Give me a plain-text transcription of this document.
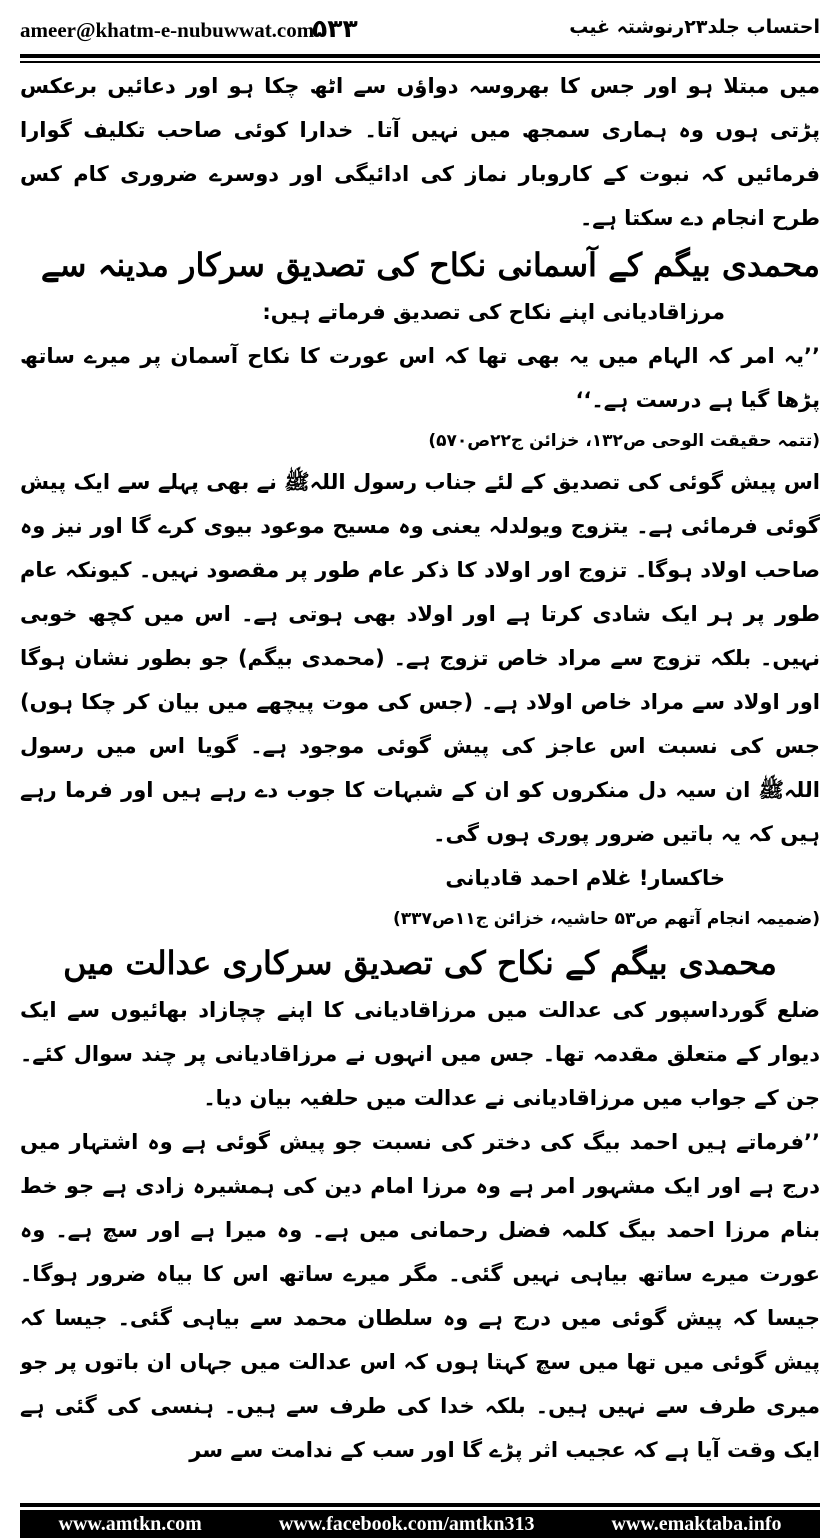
ameer@khatm-e-nubuwwat.com
۵۳۳	احتساب جلد۲۳رنوشتہ غیب

میں مبتلا ہو اور جس کا بھروسہ دواؤں سے اٹھ چکا ہو اور دعائیں برعکس پڑتی ہوں وہ ہماری سمجھ میں نہیں آتا۔ خدارا کوئی صاحب تکلیف گوارا فرمائیں کہ نبوت کے کاروبار نماز کی ادائیگی اور دوسرے ضروری کام کس طرح انجام دے سکتا ہے۔

محمدی بیگم کے آسمانی نکاح کی تصدیق سرکار مدینہ سے

مرزاقادیانی اپنے نکاح کی تصدیق فرماتے ہیں:

’’یہ امر کہ الہام میں یہ بھی تھا کہ اس عورت کا نکاح آسمان پر میرے ساتھ پڑھا گیا ہے درست ہے۔‘‘

(تتمہ حقیقت الوحی ص۱۳۲، خزائن ج۲۲ص۵۷۰)

اس پیش گوئی کی تصدیق کے لئے جناب رسول اللہﷺ نے بھی پہلے سے ایک پیش گوئی فرمائی ہے۔ یتزوج ویولدلہ یعنی وہ مسیح موعود بیوی کرے گا اور نیز وہ صاحب اولاد ہوگا۔ تزوج اور اولاد کا ذکر عام طور پر مقصود نہیں۔ کیونکہ عام طور پر ہر ایک شادی کرتا ہے اور اولاد بھی ہوتی ہے۔ اس میں کچھ خوبی نہیں۔ بلکہ تزوج سے مراد خاص تزوج ہے۔ (محمدی بیگم) جو بطور نشان ہوگا اور اولاد سے مراد خاص اولاد ہے۔ (جس کی موت پیچھے میں بیان کر چکا ہوں) جس کی نسبت اس عاجز کی پیش گوئی موجود ہے۔ گویا اس میں رسول اللہﷺ ان سیہ دل منکروں کو ان کے شبہات کا جوب دے رہے ہیں اور فرما رہے ہیں کہ یہ باتیں ضرور پوری ہوں گی۔

خاکسار! غلام احمد قادیانی

(ضمیمہ انجام آتھم ص۵۳ حاشیہ، خزائن ج۱۱ص۳۳۷)

محمدی بیگم کے نکاح کی تصدیق سرکاری عدالت میں

ضلع گورداسپور کی عدالت میں مرزاقادیانی کا اپنے چچازاد بھائیوں سے ایک دیوار کے متعلق مقدمہ تھا۔ جس میں انہوں نے مرزاقادیانی پر چند سوال کئے۔ جن کے جواب میں مرزاقادیانی نے عدالت میں حلفیہ بیان دیا۔

’’فرماتے ہیں احمد بیگ کی دختر کی نسبت جو پیش گوئی ہے وہ اشتہار میں درج ہے اور ایک مشہور امر ہے وہ مرزا امام دین کی ہمشیرہ زادی ہے جو خط بنام مرزا احمد بیگ کلمہ فضل رحمانی میں ہے۔ وہ میرا ہے اور سچ ہے۔ وہ عورت میرے ساتھ بیاہی نہیں گئی۔ مگر میرے ساتھ اس کا بیاہ ضرور ہوگا۔ جیسا کہ پیش گوئی میں درج ہے وہ سلطان محمد سے بیاہی گئی۔ جیسا کہ پیش گوئی میں تھا میں سچ کہتا ہوں کہ اس عدالت میں جہاں ان باتوں پر جو میری طرف سے نہیں ہیں۔ بلکہ خدا کی طرف سے ہیں۔ ہنسی کی گئی ہے ایک وقت آیا ہے کہ عجیب اثر پڑے گا اور سب کے ندامت سے سر

www.amtkn.com	www.facebook.com/amtkn313	www.emaktaba.info
